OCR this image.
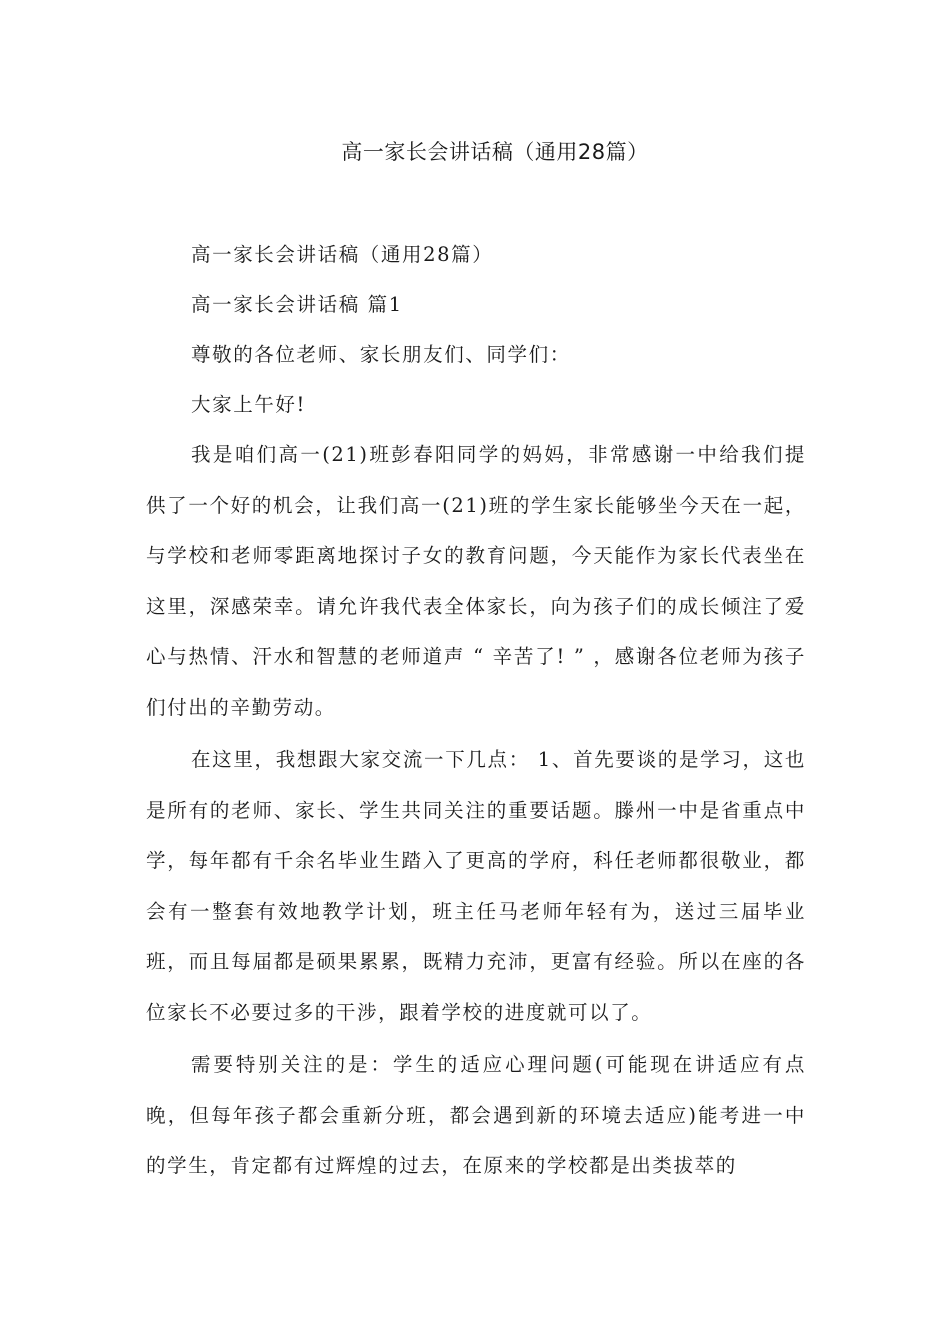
高一家长会讲话稿（通用28篇）

高一家长会讲话稿（通用28篇）

高一家长会讲话稿 篇1

尊敬的各位老师、家长朋友们、同学们：

大家上午好!

我是咱们高一(21)班彭春阳同学的妈妈，非常感谢一中给我们提供了一个好的机会，让我们高一(21)班的学生家长能够坐今天在一起，与学校和老师零距离地探讨子女的教育问题，今天能作为家长代表坐在这里，深感荣幸。请允许我代表全体家长，向为孩子们的成长倾注了爱心与热情、汗水和智慧的老师道声 “ 辛苦了! ” ，感谢各位老师为孩子们付出的辛勤劳动。

在这里，我想跟大家交流一下几点： 1、首先要谈的是学习，这也是所有的老师、家长、学生共同关注的重要话题。滕州一中是省重点中学，每年都有千余名毕业生踏入了更高的学府，科任老师都很敬业，都会有一整套有效地教学计划，班主任马老师年轻有为，送过三届毕业班，而且每届都是硕果累累，既精力充沛，更富有经验。所以在座的各位家长不必要过多的干涉，跟着学校的进度就可以了。

需要特别关注的是：学生的适应心理问题(可能现在讲适应有点晚，但每年孩子都会重新分班，都会遇到新的环境去适应)能考进一中的学生，肯定都有过辉煌的过去，在原来的学校都是出类拔萃的
